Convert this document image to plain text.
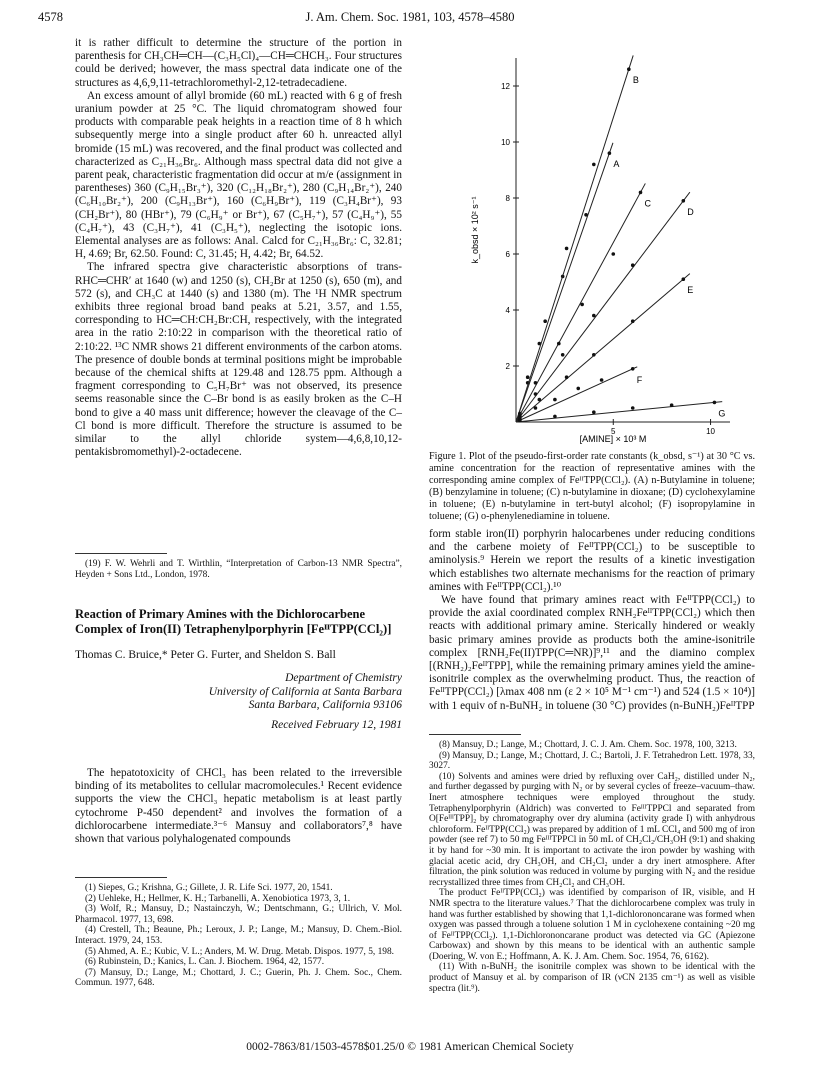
4578	J. Am. Chem. Soc. 1981, 103, 4578–4580

it is rather difficult to determine the structure of the portion in parenthesis for CH₃CH═CH—(C₃H₅Cl)₄—CH═CHCH₃. Four structures could be derived; however, the mass spectral data indicate one of the structures as 4,6,9,11-tetrachloromethyl-2,12-tetradecadiene.

An excess amount of allyl bromide (60 mL) reacted with 6 g of fresh uranium powder at 25 °C. The liquid chromatogram showed four products with comparable peak heights in a reaction time of 8 h which subsequently merge into a single product after 60 h. unreacted allyl bromide (15 mL) was recovered, and the final product was collected and characterized as C₂₁H₃₆Br₆. Although mass spectral data did not give a parent peak, characteristic fragmentation did occur at m/e (assignment in parentheses) 360 (C₉H₁₅Br₃⁺), 320 (C₁₂H₁₈Br₂⁺), 280 (C₉H₁₄Br₂⁺), 240 (C₆H₁₀Br₂⁺), 200 (C₉H₁₃Br⁺), 160 (C₆H₉Br⁺), 119 (C₃H₄Br⁺), 93 (CH₂Br⁺), 80 (HBr⁺), 79 (C₆H₉⁺ or Br⁺), 67 (C₅H₇⁺), 57 (C₄H₉⁺), 55 (C₄H₇⁺), 43 (C₃H₇⁺), 41 (C₃H₅⁺), neglecting the isotopic ions. Elemental analyses are as follows: Anal. Calcd for C₂₁H₃₆Br₆: C, 32.81; H, 4.69; Br, 62.50. Found: C, 31.45; H, 4.42; Br, 64.52.

The infrared spectra give characteristic absorptions of trans-RHC═CHR′ at 1640 (w) and 1250 (s), CH₂Br at 1250 (s), 650 (m), and 572 (s), and CH₃C at 1440 (s) and 1380 (m). The ¹H NMR spectrum exhibits three regional broad band peaks at 5.21, 3.57, and 1.55, corresponding to HC═CH:CH₂Br:CH, respectively, with the integrated area in the ratio 2:10:22 in comparison with the theoretical ratio of 2:10:22. ¹³C NMR shows 21 different environments of the carbon atoms. The presence of double bonds at terminal positions might be improbable because of the chemical shifts at 129.48 and 128.75 ppm. Although a fragment corresponding to C₅H₇Br⁺ was not observed, its presence seems reasonable since the C–Br bond is as easily broken as the C–H bond to give a 40 mass unit difference; however the cleavage of the C–Cl bond is more difficult. Therefore the structure is assumed to be similar to the allyl chloride system—4,6,8,10,12-pentakisbromomethyl)-2-octadecene.

(19) F. W. Wehrli and T. Wirthlin, “Interpretation of Carbon-13 NMR Spectra”, Heyden + Sons Ltd., London, 1978.
Reaction of Primary Amines with the Dichlorocarbene Complex of Iron(II) Tetraphenylporphyrin [FeᴵᴵTPP(CCl₂)]
Thomas C. Bruice,* Peter G. Furter, and Sheldon S. Ball
Department of Chemistry
University of California at Santa Barbara
Santa Barbara, California 93106
Received February 12, 1981

The hepatotoxicity of CHCl₃ has been related to the irreversible binding of its metabolites to cellular macromolecules.¹ Recent evidence supports the view the CHCl₃ hepatic metabolism is at least partly cytochrome P-450 dependent² and involves the formation of a dichlorocarbene intermediate.³⁻⁶ Mansuy and collaborators⁷,⁸ have shown that various polyhalogenated compounds

(1) Siepes, G.; Krishna, G.; Gillete, J. R. Life Sci. 1977, 20, 1541.
(2) Uehleke, H.; Hellmer, K. H.; Tarbanelli, A. Xenobiotica 1973, 3, 1.
(3) Wolf, R.; Mansuy, D.; Nastainczyh, W.; Dentschmann, G.; Ullrich, V. Mol. Pharmacol. 1977, 13, 698.
(4) Crestell, Th.; Beaune, Ph.; Leroux, J. P.; Lange, M.; Mansuy, D. Chem.-Biol. Interact. 1979, 24, 153.
(5) Ahmed, A. E.; Kubic, V. L.; Anders, M. W. Drug. Metab. Dispos. 1977, 5, 198.
(6) Rubinstein, D.; Kanics, L. Can. J. Biochem. 1964, 42, 1577.
(7) Mansuy, D.; Lange, M.; Chottard, J. C.; Guerin, Ph. J. Chem. Soc., Chem. Commun. 1977, 648.
2
4
6
8
10
12
5	10
A
B
C
D
E
F
G
k_obsd × 10² s⁻¹
[AMINE] × 10³ M
Figure 1. Plot of the pseudo-first-order rate constants (k_obsd, s⁻¹) at 30 °C vs. amine concentration for the reaction of representative amines with the corresponding amine complex of FeᴵᴵTPP(CCl₂). (A) n-Butylamine in toluene; (B) benzylamine in toluene; (C) n-butylamine in dioxane; (D) cyclohexylamine in toluene; (E) n-butylamine in tert-butyl alcohol; (F) isopropylamine in toluene; (G) o-phenylenediamine in toluene.

form stable iron(II) porphyrin halocarbenes under reducing conditions and the carbene moiety of FeᴵᴵTPP(CCl₂) to be susceptible to aminolysis.⁹ Herein we report the results of a kinetic investigation which establishes two alternate mechanisms for the reaction of primary amines with FeᴵᴵTPP(CCl₂).¹⁰

We have found that primary amines react with FeᴵᴵTPP(CCl₂) to provide the axial coordinated complex RNH₂FeᴵᴵTPP(CCl₂) which then reacts with additional primary amine. Sterically hindered or weakly basic primary amines provide as products both the amine-isonitrile complex [RNH₂Fe(II)TPP(C═NR)]⁹,¹¹ and the diamino complex [(RNH₂)₂FeᴵᴵTPP], while the remaining primary amines yield the amine-isonitrile complex as the overwhelming product. Thus, the reaction of FeᴵᴵTPP(CCl₂) [λmax 408 nm (ε 2 × 10⁵ M⁻¹ cm⁻¹) and 524 (1.5 × 10⁴)] with 1 equiv of n-BuNH₂ in toluene (30 °C) provides (n-BuNH₂)FeᴵᴵTPP

(8) Mansuy, D.; Lange, M.; Chottard, J. C. J. Am. Chem. Soc. 1978, 100, 3213.
(9) Mansuy, D.; Lange, M.; Chottard, J. C.; Bartoli, J. F. Tetrahedron Lett. 1978, 33, 3027.
(10) Solvents and amines were dried by refluxing over CaH₂, distilled under N₂, and further degassed by purging with N₂ or by several cycles of freeze–vacuum–thaw. Inert atmosphere techniques were employed throughout the study. Tetraphenylporphyrin (Aldrich) was converted to FeᴵᴵᴵTPPCl and separated from O[FeᴵᴵᴵTPP]₂ by chromatography over dry alumina (activity grade I) with anhydrous chloroform. FeᴵᴵTPP(CCl₂) was prepared by addition of 1 mL CCl₄ and 500 mg of iron powder (see ref 7) to 50 mg FeᴵᴵᴵTPPCl in 50 mL of CH₂Cl₂/CH₃OH (9:1) and shaking it by hand for ~30 min. It is important to activate the iron powder by washing with glacial acetic acid, dry CH₃OH, and CH₂Cl₂ under a dry inert atmosphere. After filtration, the pink solution was reduced in volume by purging with N₂ and the residue recrystallized three times from CH₂Cl₂ and CH₃OH.
The product FeᴵᴵTPP(CCl₂) was identified by comparison of IR, visible, and H NMR spectra to the literature values.⁷ That the dichlorocarbene complex was truly in hand was further established by showing that 1,1-dichlorononcarane was formed when oxygen was passed through a toluene solution 1 M in cyclohexene containing ~20 mg of FeᴵᴵTPP(CCl₂). 1,1-Dichlorononcarane product was detected via GC (Apiezone Carbowax) and shown by this means to be identical with an authentic sample (Doering, W. von E.; Hoffmann, A. K. J. Am. Chem. Soc. 1954, 76, 6162).
(11) With n-BuNH₂ the isonitrile complex was shown to be identical with the product of Mansuy et al. by comparison of IR (νCN 2135 cm⁻¹) as well as visible spectra (lit.⁹).
0002-7863/81/1503-4578$01.25/0 © 1981 American Chemical Society
